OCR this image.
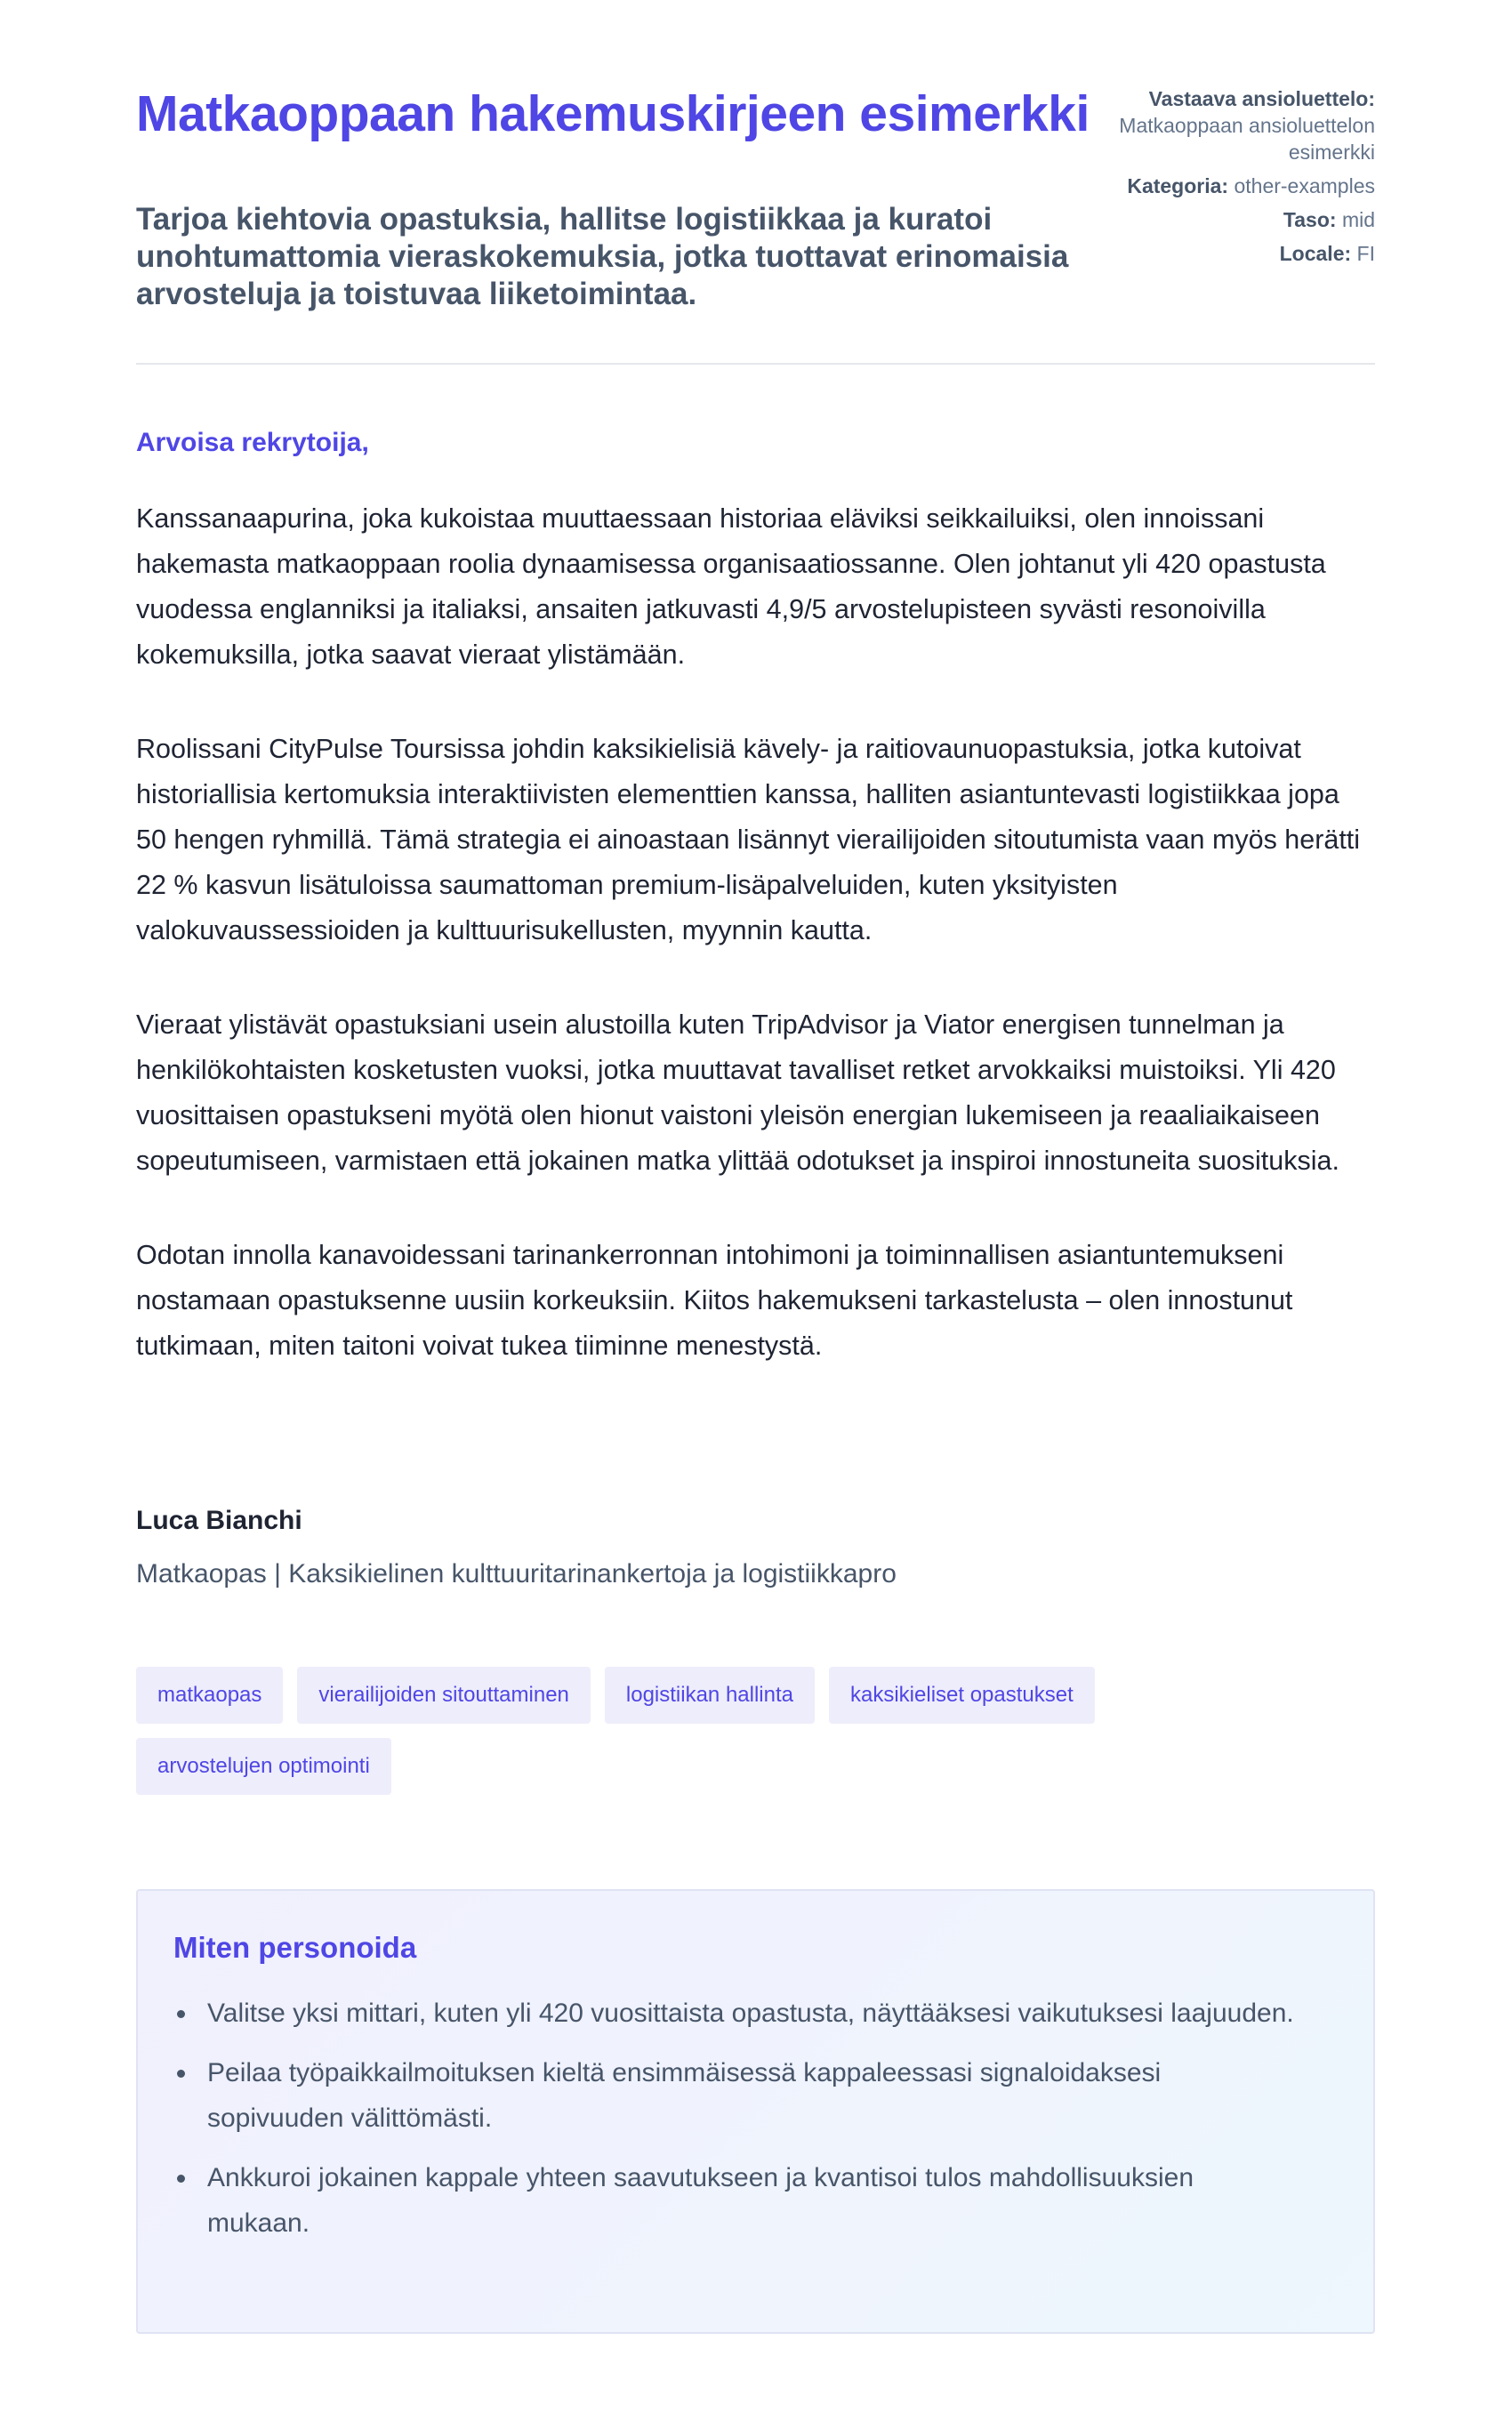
Matkaoppaan hakemuskirjeen esimerkki

Tarjoa kiehtovia opastuksia, hallitse logistiikkaa ja kuratoi unohtumattomia vieraskokemuksia, jotka tuottavat erinomaisia arvosteluja ja toistuvaa liiketoimintaa.

Vastaava ansioluettelo: Matkaoppaan ansioluettelon esimerkki
Kategoria: other-examples
Taso: mid
Locale: FI

Arvoisa rekrytoija,

Kanssanaapurina, joka kukoistaa muuttaessaan historiaa eläviksi seikkailuiksi, olen innoissani hakemasta matkaoppaan roolia dynaamisessa organisaatiossanne. Olen johtanut yli 420 opastusta vuodessa englanniksi ja italiaksi, ansaiten jatkuvasti 4,9/5 arvostelupisteen syvästi resonoivilla kokemuksilla, jotka saavat vieraat ylistämään.

Roolissani CityPulse Toursissa johdin kaksikielisiä kävely- ja raitiovaunuopastuksia, jotka kutoivat historiallisia kertomuksia interaktiivisten elementtien kanssa, halliten asiantuntevasti logistiikkaa jopa 50 hengen ryhmillä. Tämä strategia ei ainoastaan lisännyt vierailijoiden sitoutumista vaan myös herätti 22 % kasvun lisätuloissa saumattoman premium-lisäpalveluiden, kuten yksityisten valokuvaussessioiden ja kulttuurisukellusten, myynnin kautta.

Vieraat ylistävät opastuksiani usein alustoilla kuten TripAdvisor ja Viator energisen tunnelman ja henkilökohtaisten kosketusten vuoksi, jotka muuttavat tavalliset retket arvokkaiksi muistoiksi. Yli 420 vuosittaisen opastukseni myötä olen hionut vaistoni yleisön energian lukemiseen ja reaaliaikaiseen sopeutumiseen, varmistaen että jokainen matka ylittää odotukset ja inspiroi innostuneita suosituksia.

Odotan innolla kanavoidessani tarinankerronnan intohimoni ja toiminnallisen asiantuntemukseni nostamaan opastuksenne uusiin korkeuksiin. Kiitos hakemukseni tarkastelusta – olen innostunut tutkimaan, miten taitoni voivat tukea tiiminne menestystä.

Luca Bianchi

Matkaopas | Kaksikielinen kulttuuritarinankertoja ja logistiikkapro

matkaopas	vierailijoiden sitouttaminen	logistiikan hallinta	kaksikieliset opastukset
arvostelujen optimointi
Miten personoida
Valitse yksi mittari, kuten yli 420 vuosittaista opastusta, näyttääksesi vaikutuksesi laajuuden.
Peilaa työpaikkailmoituksen kieltä ensimmäisessä kappaleessasi signaloidaksesi sopivuuden välittömästi.
Ankkuroi jokainen kappale yhteen saavutukseen ja kvantisoi tulos mahdollisuuksien mukaan.
